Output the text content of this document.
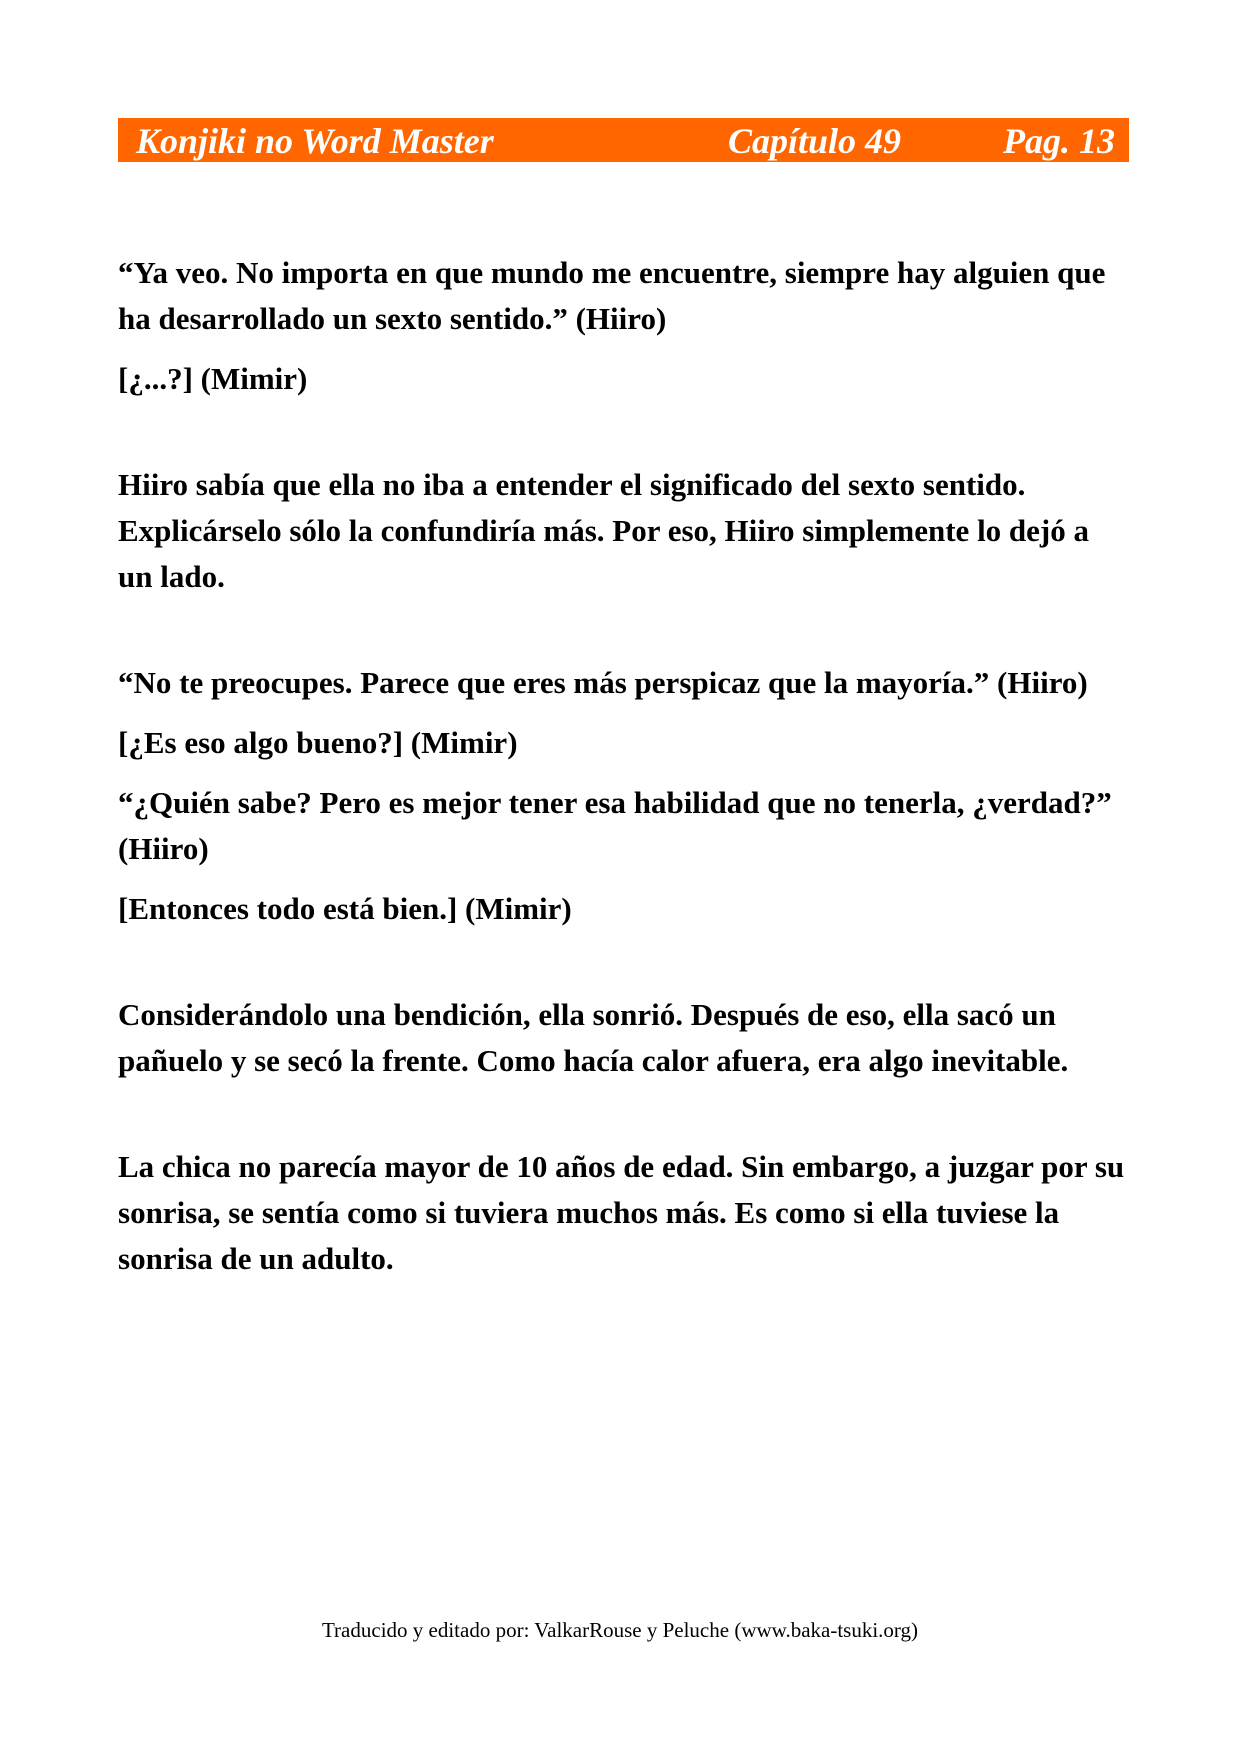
Konjiki no Word Master	Capítulo 49	Pag. 13

“Ya veo. No importa en que mundo me encuentre, siempre hay alguien que ha desarrollado un sexto sentido.” (Hiiro)

[¿...?] (Mimir)

Hiiro sabía que ella no iba a entender el significado del sexto sentido. Explicárselo sólo la confundiría más. Por eso, Hiiro simplemente lo dejó a un lado.

“No te preocupes. Parece que eres más perspicaz que la mayoría.” (Hiiro)

[¿Es eso algo bueno?] (Mimir)

“¿Quién sabe? Pero es mejor tener esa habilidad que no tenerla, ¿verdad?” (Hiiro)

[Entonces todo está bien.] (Mimir)

Considerándolo una bendición, ella sonrió. Después de eso, ella sacó un pañuelo y se secó la frente. Como hacía calor afuera, era algo inevitable.

La chica no parecía mayor de 10 años de edad. Sin embargo, a juzgar por su sonrisa, se sentía como si tuviera muchos más. Es como si ella tuviese la sonrisa de un adulto.

Traducido y editado por: ValkarRouse y Peluche (www.baka-tsuki.org)
